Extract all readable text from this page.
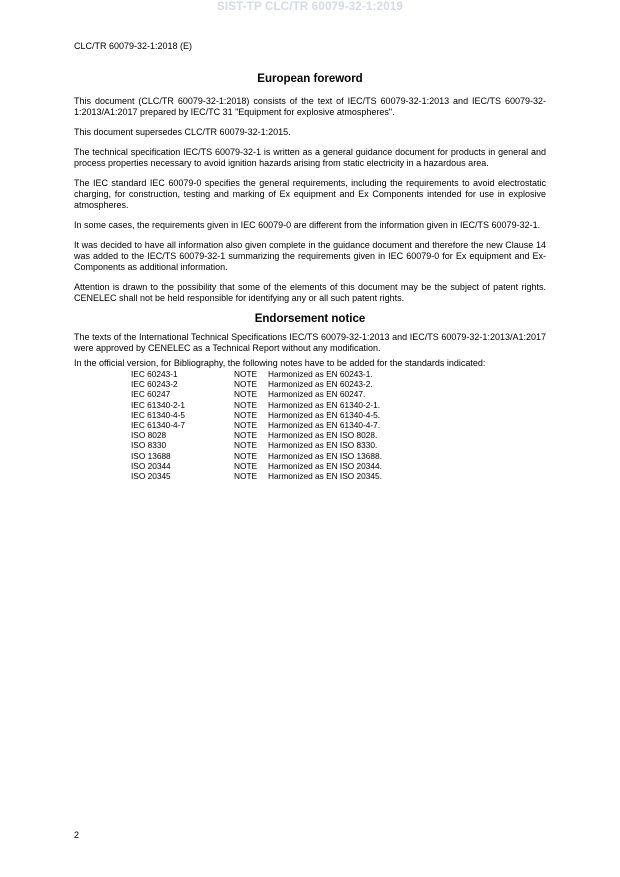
SIST-TP CLC/TR 60079-32-1:2019
CLC/TR 60079-32-1:2018 (E)
European foreword

This document (CLC/TR 60079-32-1:2018) consists of the text of IEC/TS 60079-32-1:2013 and IEC/TS 60079-32-1:2013/A1:2017 prepared by IEC/TC 31 "Equipment for explosive atmospheres".

This document supersedes CLC/TR 60079-32-1:2015.

The technical specification IEC/TS 60079-32-1 is written as a general guidance document for products in general and process properties necessary to avoid ignition hazards arising from static electricity in a hazardous area.

The IEC standard IEC 60079-0 specifies the general requirements, including the requirements to avoid electrostatic charging, for construction, testing and marking of Ex equipment and Ex Components intended for use in explosive atmospheres.

In some cases, the requirements given in IEC 60079-0 are different from the information given in IEC/TS 60079-32-1.

It was decided to have all information also given complete in the guidance document and therefore the new Clause 14 was added to the IEC/TS 60079-32-1 summarizing the requirements given in IEC 60079-0 for Ex equipment and Ex-Components as additional information.

Attention is drawn to the possibility that some of the elements of this document may be the subject of patent rights. CENELEC shall not be held responsible for identifying any or all such patent rights.

Endorsement notice

The texts of the International Technical Specifications IEC/TS 60079-32-1:2013 and IEC/TS 60079-32-1:2013/A1:2017 were approved by CENELEC as a Technical Report without any modification.

In the official version, for Bibliography, the following notes have to be added for the standards indicated:

IEC 60243-1	NOTE	Harmonized as EN 60243-1.
IEC 60243-2	NOTE	Harmonized as EN 60243-2.
IEC 60247	NOTE	Harmonized as EN 60247.
IEC 61340-2-1	NOTE	Harmonized as EN 61340-2-1.
IEC 61340-4-5	NOTE	Harmonized as EN 61340-4-5.
IEC 61340-4-7	NOTE	Harmonized as EN 61340-4-7.
ISO 8028	NOTE	Harmonized as EN ISO 8028.
ISO 8330	NOTE	Harmonized as EN ISO 8330.
ISO 13688	NOTE	Harmonized as EN ISO 13688.
ISO 20344	NOTE	Harmonized as EN ISO 20344.
ISO 20345	NOTE	Harmonized as EN ISO 20345.
2
